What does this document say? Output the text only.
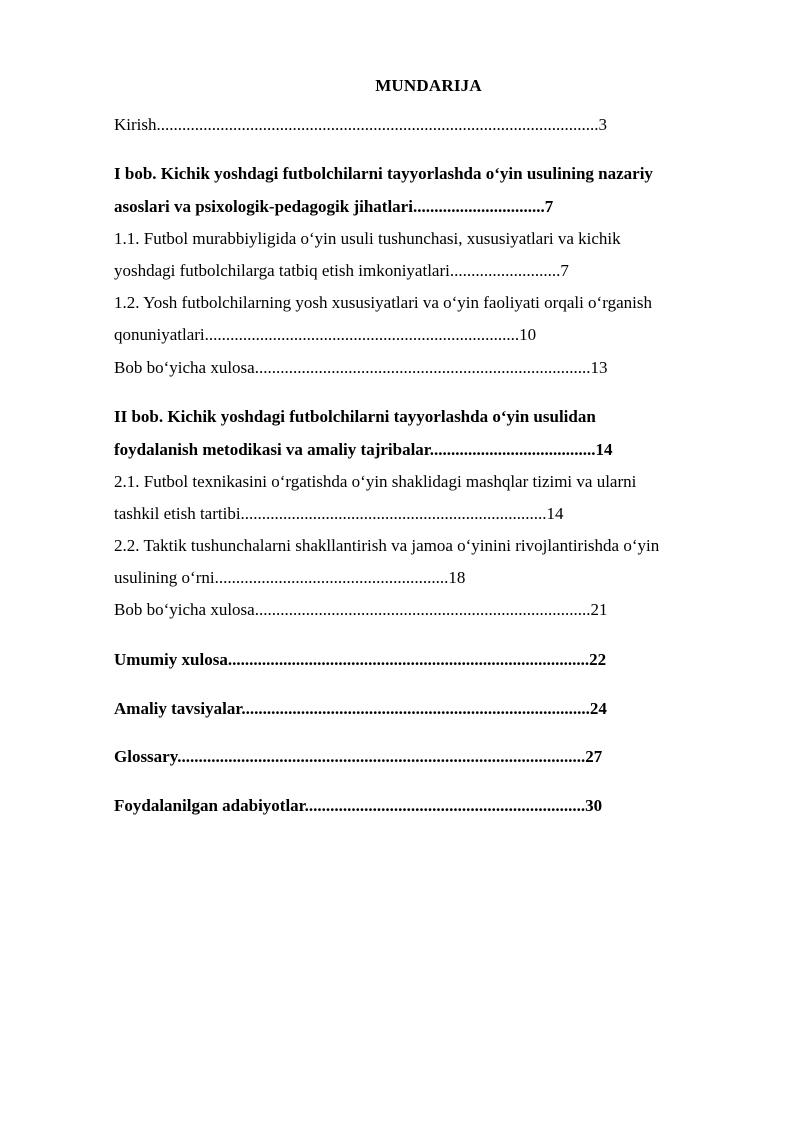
MUNDARIJA
Kirish........................................................................................................3
I bob. Kichik yoshdagi futbolchilarni tayyorlashda o‘yin usulining nazariy
asoslari va psixologik-pedagogik jihatlari...............................7
1.1. Futbol murabbiyligida o‘yin usuli tushunchasi, xususiyatlari va kichik
yoshdagi futbolchilarga tatbiq etish imkoniyatlari..........................7
1.2. Yosh futbolchilarning yosh xususiyatlari va o‘yin faoliyati orqali o‘rganish
qonuniyatlari..........................................................................10
Bob bo‘yicha xulosa...............................................................................13
II bob. Kichik yoshdagi futbolchilarni tayyorlashda o‘yin usulidan
foydalanish metodikasi va amaliy tajribalar.......................................14
2.1. Futbol texnikasini o‘rgatishda o‘yin shaklidagi mashqlar tizimi va ularni
tashkil etish tartibi........................................................................14
2.2. Taktik tushunchalarni shakllantirish va jamoa o‘yinini rivojlantirishda o‘yin
usulining o‘rni.......................................................18
Bob bo‘yicha xulosa...............................................................................21
Umumiy xulosa.....................................................................................22
Amaliy tavsiyalar..................................................................................24
Glossary................................................................................................27
Foydalanilgan adabiyotlar..................................................................30
